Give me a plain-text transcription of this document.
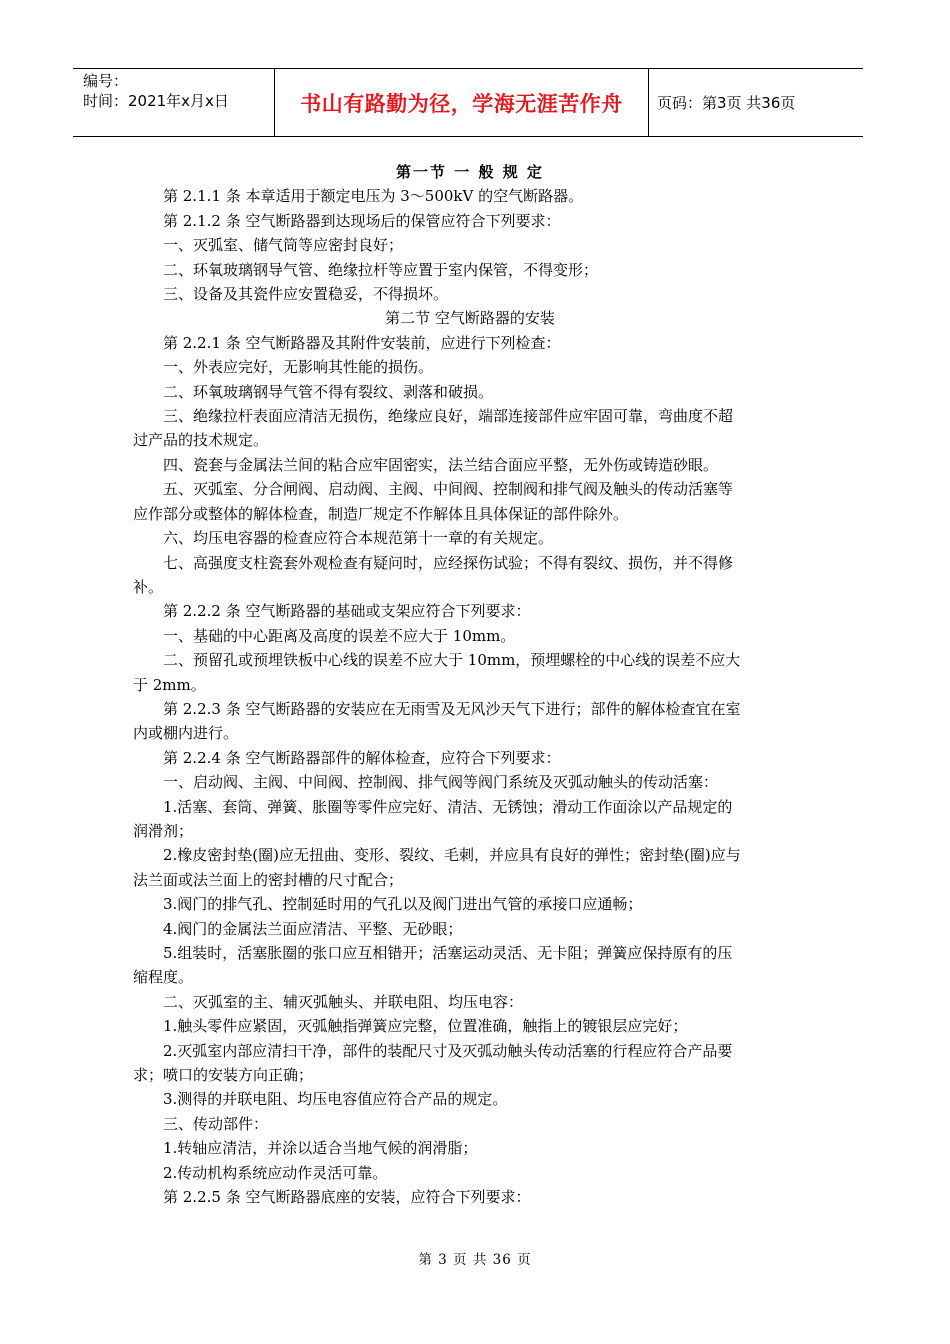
编号：
时间：2021年x月x日	书山有路勤为径，学海无涯苦作舟 页码：第3页 共36页
第一节 一 般 规 定
第 2.1.1 条 本章适用于额定电压为 3～500kV 的空气断路器。
第 2.1.2 条 空气断路器到达现场后的保管应符合下列要求：
一、灭弧室、储气筒等应密封良好；
二、环氧玻璃钢导气管、绝缘拉杆等应置于室内保管，不得变形；
三、设备及其瓷件应安置稳妥，不得损坏。
第二节 空气断路器的安装
第 2.2.1 条 空气断路器及其附件安装前，应进行下列检查：
一、外表应完好，无影响其性能的损伤。
二、环氧玻璃钢导气管不得有裂纹、剥落和破损。
三、绝缘拉杆表面应清洁无损伤，绝缘应良好，端部连接部件应牢固可靠，弯曲度不超
过产品的技术规定。
四、瓷套与金属法兰间的粘合应牢固密实，法兰结合面应平整，无外伤或铸造砂眼。
五、灭弧室、分合闸阀、启动阀、主阀、中间阀、控制阀和排气阀及触头的传动活塞等
应作部分或整体的解体检查，制造厂规定不作解体且具体保证的部件除外。
六、均压电容器的检查应符合本规范第十一章的有关规定。
七、高强度支柱瓷套外观检查有疑问时，应经探伤试验；不得有裂纹、损伤，并不得修
补。
第 2.2.2 条 空气断路器的基础或支架应符合下列要求：
一、基础的中心距离及高度的误差不应大于 10mm。
二、预留孔或预埋铁板中心线的误差不应大于 10mm，预埋螺栓的中心线的误差不应大
于 2mm。
第 2.2.3 条 空气断路器的安装应在无雨雪及无风沙天气下进行；部件的解体检查宜在室
内或棚内进行。
第 2.2.4 条 空气断路器部件的解体检查，应符合下列要求：
一、启动阀、主阀、中间阀、控制阀、排气阀等阀门系统及灭弧动触头的传动活塞：
1.活塞、套筒、弹簧、胀圈等零件应完好、清洁、无锈蚀；滑动工作面涂以产品规定的
润滑剂；
2.橡皮密封垫(圈)应无扭曲、变形、裂纹、毛刺，并应具有良好的弹性；密封垫(圈)应与
法兰面或法兰面上的密封槽的尺寸配合；
3.阀门的排气孔、控制延时用的气孔以及阀门进出气管的承接口应通畅；
4.阀门的金属法兰面应清洁、平整、无砂眼；
5.组装时，活塞胀圈的张口应互相错开；活塞运动灵活、无卡阻；弹簧应保持原有的压
缩程度。
二、灭弧室的主、辅灭弧触头、并联电阻、均压电容：
1.触头零件应紧固，灭弧触指弹簧应完整，位置准确，触指上的镀银层应完好；
2.灭弧室内部应清扫干净，部件的装配尺寸及灭弧动触头传动活塞的行程应符合产品要
求；喷口的安装方向正确；
3.测得的并联电阻、均压电容值应符合产品的规定。
三、传动部件：
1.转轴应清洁，并涂以适合当地气候的润滑脂；
2.传动机构系统应动作灵活可靠。
第 2.2.5 条 空气断路器底座的安装，应符合下列要求：
第 3 页 共 36 页
